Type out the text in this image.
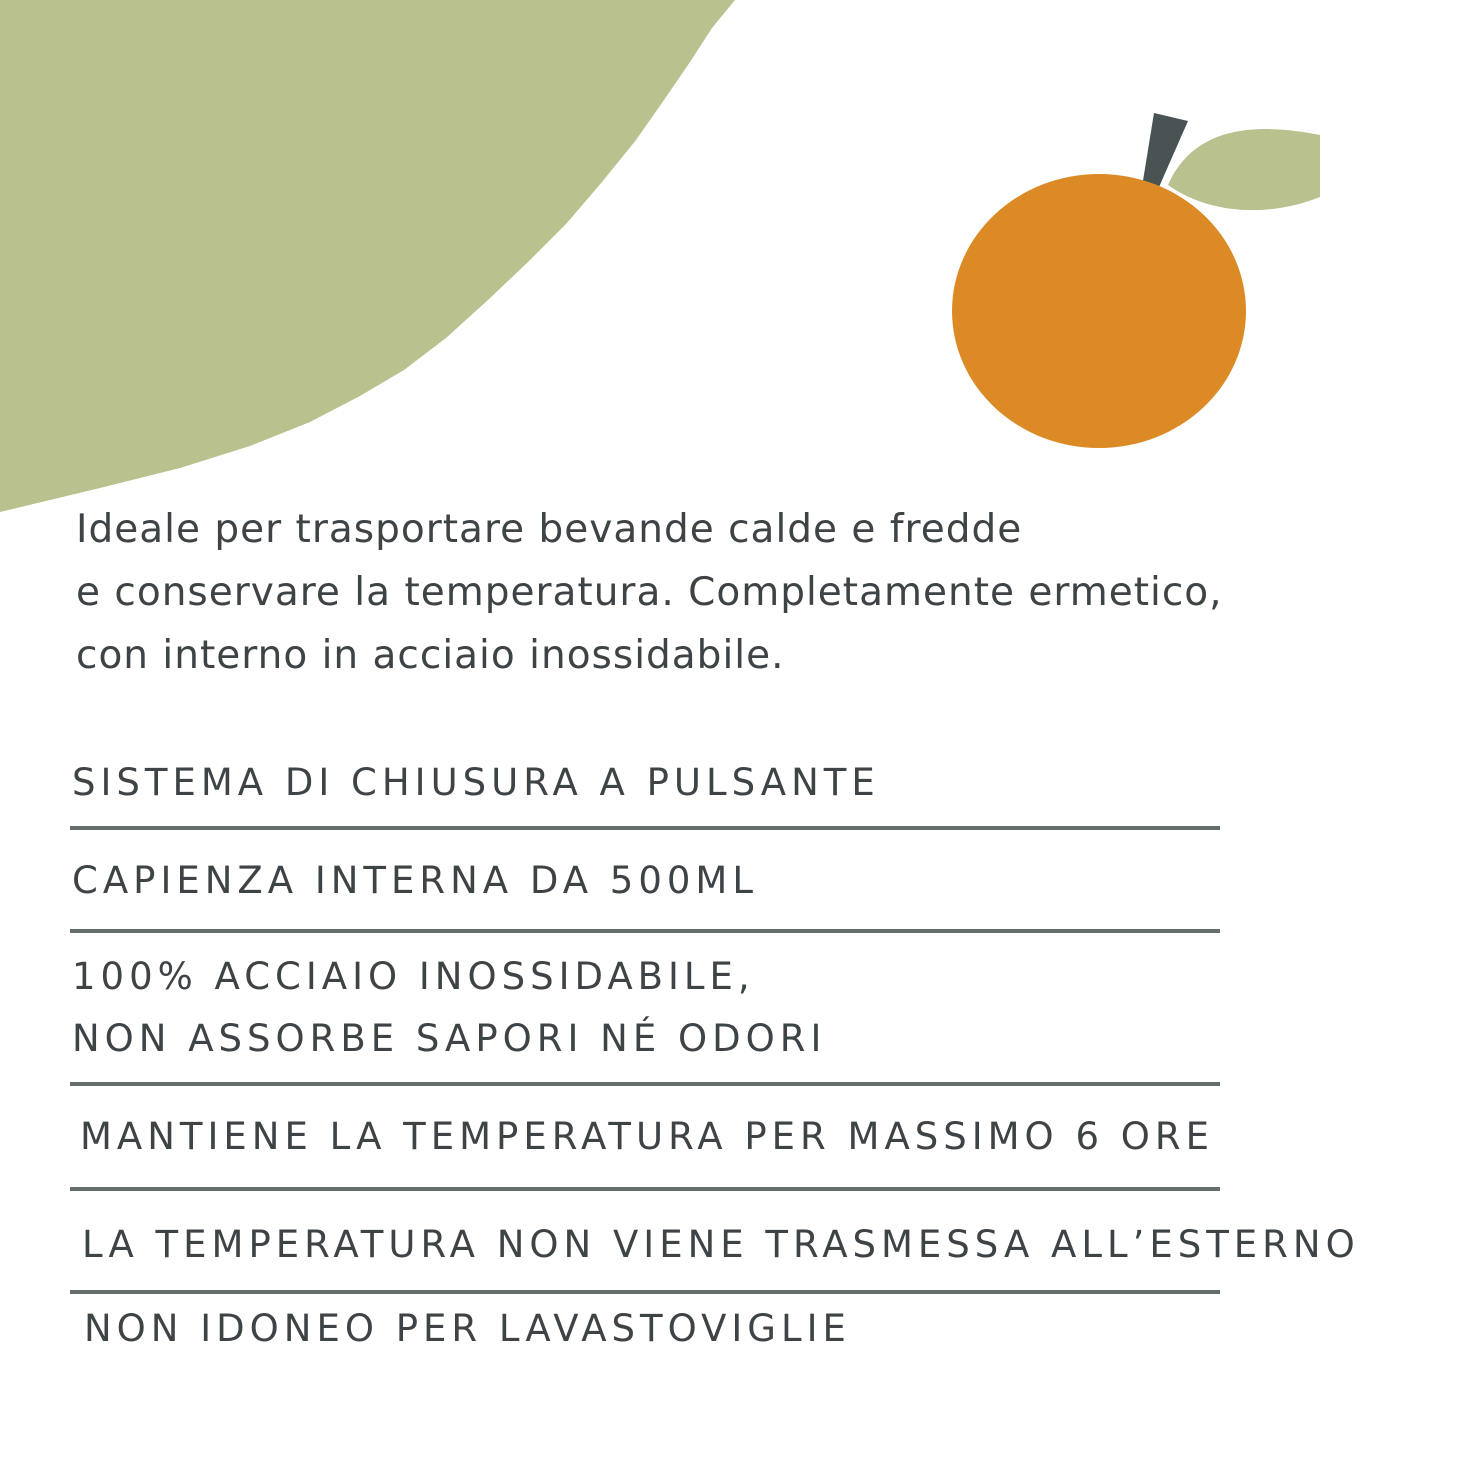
Ideale per trasportare bevande calde e fredde
e conservare la temperatura. Completamente ermetico,
con interno in acciaio inossidabile.
SISTEMA DI CHIUSURA A PULSANTE
CAPIENZA INTERNA DA 500ML
100% ACCIAIO INOSSIDABILE,
NON ASSORBE SAPORI NÉ ODORI
MANTIENE LA TEMPERATURA PER MASSIMO 6 ORE
LA TEMPERATURA NON VIENE TRASMESSA ALL’ESTERNO
NON IDONEO PER LAVASTOVIGLIE
